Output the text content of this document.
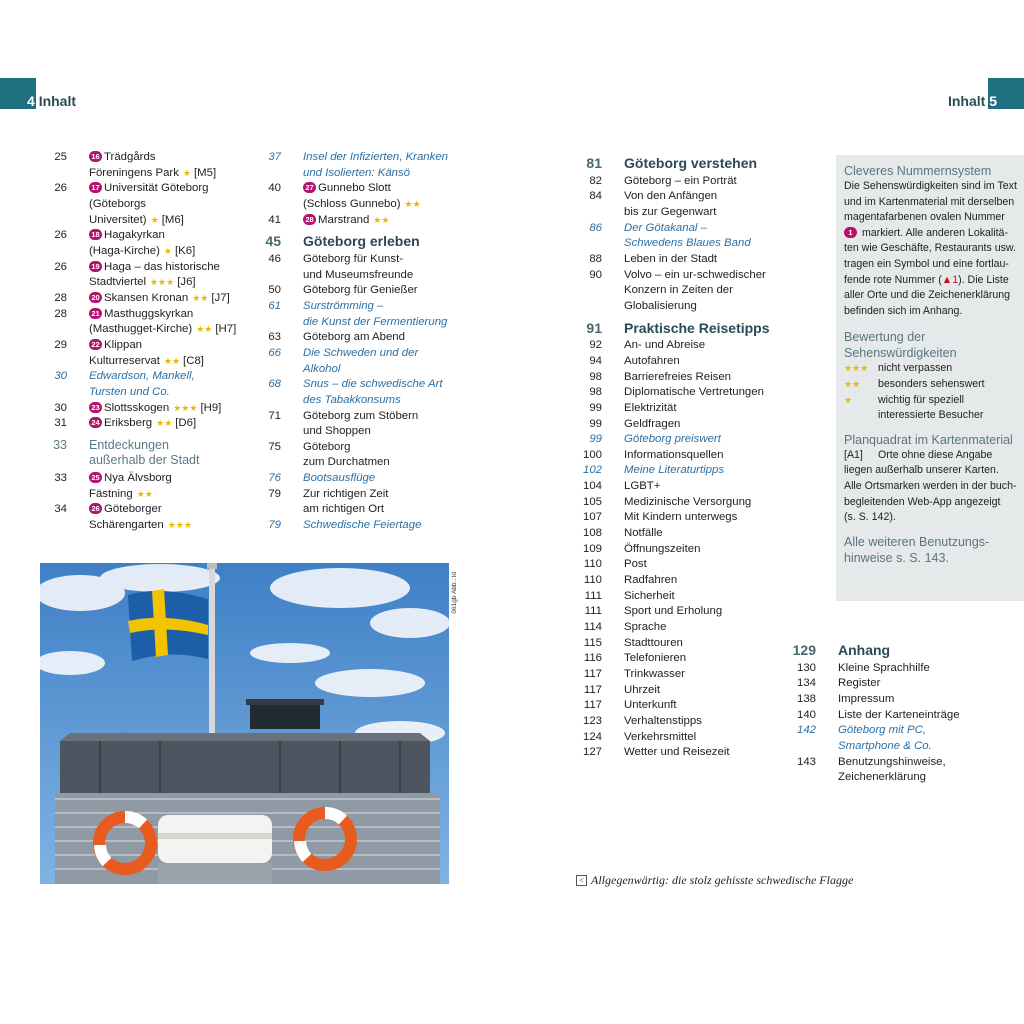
4 Inhalt	Inhalt 5
25	16 Trädgårds
Föreningens Park ★ [M5]
26	17 Universität Göteborg
(Göteborgs
Universitet) ★ [M6]
26	18 Hagakyrkan
(Haga-Kirche) ★ [K6]
26	19 Haga – das historische
Stadtviertel ★★★ [J6]
28	20 Skansen Kronan ★★ [J7]
28	21 Masthuggskyrkan
(Masthugget-Kirche) ★★ [H7]
29	22 Klippan
Kulturreservat ★★ [C8]
30 Edwardson, Mankell,
Tursten und Co.
30	23 Slottsskogen ★★★ [H9]
31	24 Eriksberg ★★ [D6]
33 Entdeckungen
außerhalb der Stadt
33	25 Nya Älvsborg
Fästning ★★
34	26 Göteborger
Schärengarten ★★★
37 Insel der Infizierten, Kranken
und Isolierten: Känsö
40	27 Gunnebo Slott
(Schloss Gunnebo) ★★
41	28 Marstrand ★★
45 Göteborg erleben
46 Göteborg für Kunst-
und Museumsfreunde
50 Göteborg für Genießer
61 Surströmming –
die Kunst der Fermentierung
63 Göteborg am Abend
66 Die Schweden und der Alkohol
68 Snus – die schwedische Art
des Tabakkonsums
71 Göteborg zum Stöbern
und Shoppen
75 Göteborg
zum Durchatmen
76 Bootsausflüge
79 Zur richtigen Zeit
am richtigen Ort
79 Schwedische Feiertage
81 Göteborg verstehen
82 Göteborg – ein Porträt
84 Von den Anfängen
bis zur Gegenwart
86 Der Götakanal –
Schwedens Blaues Band
88 Leben in der Stadt
90 Volvo – ein ur-schwedischer
Konzern in Zeiten der
Globalisierung
91 Praktische Reisetipps
92 An- und Abreise
94 Autofahren
98 Barrierefreies Reisen
98 Diplomatische Vertretungen
99 Elektrizität
99 Geldfragen
99 Göteborg preiswert
100 Informationsquellen
102 Meine Literaturtipps
104 LGBT+
105 Medizinische Versorgung
107 Mit Kindern unterwegs
108 Notfälle
109 Öffnungszeiten
110 Post
110 Radfahren
111 Sicherheit
111 Sport und Erholung
114 Sprache
115 Stadttouren
116 Telefonieren
117 Trinkwasser
117 Uhrzeit
117 Unterkunft
123 Verhaltenstipps
124 Verkehrsmittel
127 Wetter und Reisezeit
129 Anhang
130 Kleine Sprachhilfe
134 Register
138 Impressum
140 Liste der Karteneinträge
142 Göteborg mit PC,
Smartphone & Co.
143 Benutzungshinweise,
Zeichenerklärung
Cleveres Nummernsystem
Die Sehenswürdigkeiten sind im Text
und im Kartenmaterial mit derselben
magentafarbenen ovalen Nummer
1 markiert. Alle anderen Lokalitä-
ten wie Geschäfte, Restaurants usw.
tragen ein Symbol und eine fortlau-
fende rote Nummer (▲1). Die Liste
aller Orte und die Zeichenerklärung
befinden sich im Anhang.
Bewertung der
Sehenswürdigkeiten
★★★ nicht verpassen
★★	besonders sehenswert
★	wichtig für speziell
interessierte Besucher
Planquadrat im Kartenmaterial
[A1]	Orte ohne diese Angabe
liegen außerhalb unserer Karten.
Alle Ortsmarken werden in der buch-
begleitenden Web-App angezeigt
(s. S. 142).
Alle weiteren Benutzungs-
hinweise s. S. 143.
061gb Abb.: ld
< Allgegenwärtig: die stolz gehisste schwedische Flagge
